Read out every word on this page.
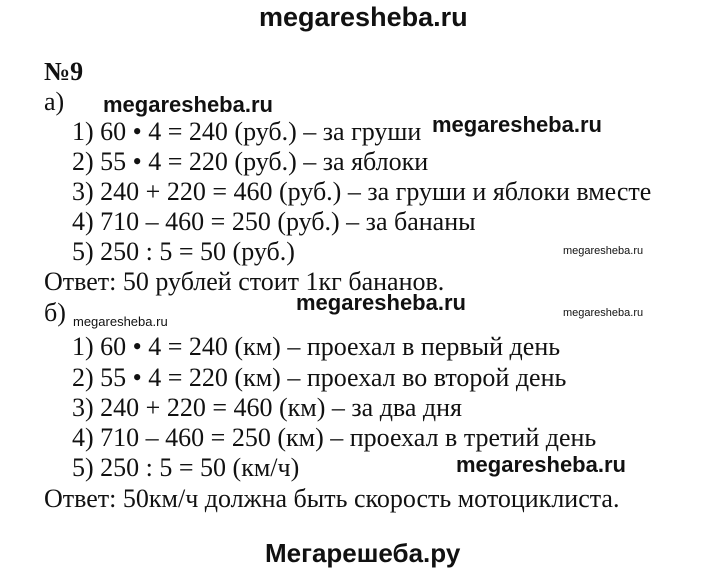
megaresheba.ru
№9
а)
1) 60 • 4 = 240 (руб.) – за груши
2) 55 • 4 = 220 (руб.) – за яблоки
3) 240 + 220 = 460 (руб.) – за груши и яблоки вместе
4) 710 – 460 = 250 (руб.) – за бананы
5) 250 : 5 = 50 (руб.)
Ответ: 50 рублей стоит 1кг бананов.
б)
1) 60 • 4 = 240 (км) – проехал в первый день
2) 55 • 4 = 220 (км) – проехал во второй день
3) 240 + 220 = 460 (км) – за два дня
4) 710 – 460 = 250 (км) – проехал в третий день
5) 250 : 5 = 50 (км/ч)
Ответ: 50км/ч должна быть скорость мотоциклиста.
megaresheba.ru
megaresheba.ru
megaresheba.ru
megaresheba.ru	megaresheba.ru
megaresheba.ru
megaresheba.ru
Мегарешеба.ру
